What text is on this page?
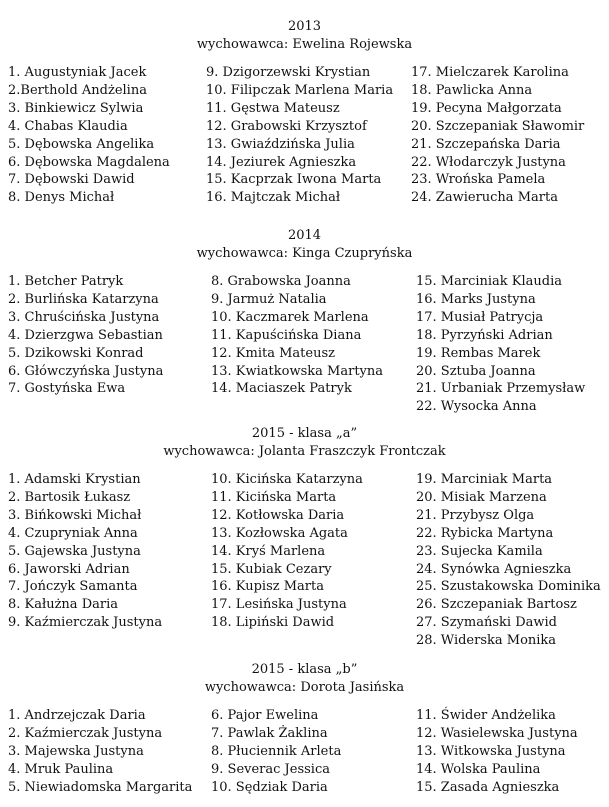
2013
wychowawca: Ewelina Rojewska
1. Augustyniak Jacek
2.Berthold Andżelina
3. Binkiewicz Sylwia
4. Chabas Klaudia
5. Dębowska Angelika
6. Dębowska Magdalena
7. Dębowski Dawid
8. Denys Michał
9. Dzigorzewski Krystian
10. Filipczak Marlena Maria
11. Gęstwa Mateusz
12. Grabowski Krzysztof
13. Gwiaździńska Julia
14. Jeziurek Agnieszka
15. Kacprzak Iwona Marta
16. Majtczak Michał
17. Mielczarek Karolina
18. Pawlicka Anna
19. Pecyna Małgorzata
20. Szczepaniak Sławomir
21. Szczepańska Daria
22. Włodarczyk Justyna
23. Wrońska Pamela
24. Zawierucha Marta
2014
wychowawca: Kinga Czupryńska
1. Betcher Patryk
2. Burlińska Katarzyna
3. Chruścińska Justyna
4. Dzierzgwa Sebastian
5. Dzikowski Konrad
6. Główczyńska Justyna
7. Gostyńska Ewa
8. Grabowska Joanna
9. Jarmuż Natalia
10. Kaczmarek Marlena
11. Kapuścińska Diana
12. Kmita Mateusz
13. Kwiatkowska Martyna
14. Maciaszek Patryk
15. Marciniak Klaudia
16. Marks Justyna
17. Musiał Patrycja
18. Pyrzyński Adrian
19. Rembas Marek
20. Sztuba Joanna
21. Urbaniak Przemysław
22. Wysocka Anna
2015 - klasa „a”
wychowawca: Jolanta Fraszczyk Frontczak
1. Adamski Krystian
2. Bartosik Łukasz
3. Bińkowski Michał
4. Czupryniak Anna
5. Gajewska Justyna
6. Jaworski Adrian
7. Jończyk Samanta
8. Kałużna Daria
9. Kaźmierczak Justyna
10. Kicińska Katarzyna
11. Kicińska Marta
12. Kotłowska Daria
13. Kozłowska Agata
14. Kryś Marlena
15. Kubiak Cezary
16. Kupisz Marta
17. Lesińska Justyna
18. Lipiński Dawid
19. Marciniak Marta
20. Misiak Marzena
21. Przybysz Olga
22. Rybicka Martyna
23. Sujecka Kamila
24. Synówka Agnieszka
25. Szustakowska Dominika
26. Szczepaniak Bartosz
27. Szymański Dawid
28. Widerska Monika
2015 - klasa „b”
wychowawca: Dorota Jasińska
1. Andrzejczak Daria
2. Kaźmierczak Justyna
3. Majewska Justyna
4. Mruk Paulina
5. Niewiadomska Margarita
6. Pajor Ewelina
7. Pawlak Żaklina
8. Płuciennik Arleta
9. Severac Jessica
10. Sędziak Daria
11. Świder Andżelika
12. Wasielewska Justyna
13. Witkowska Justyna
14. Wolska Paulina
15. Zasada Agnieszka
